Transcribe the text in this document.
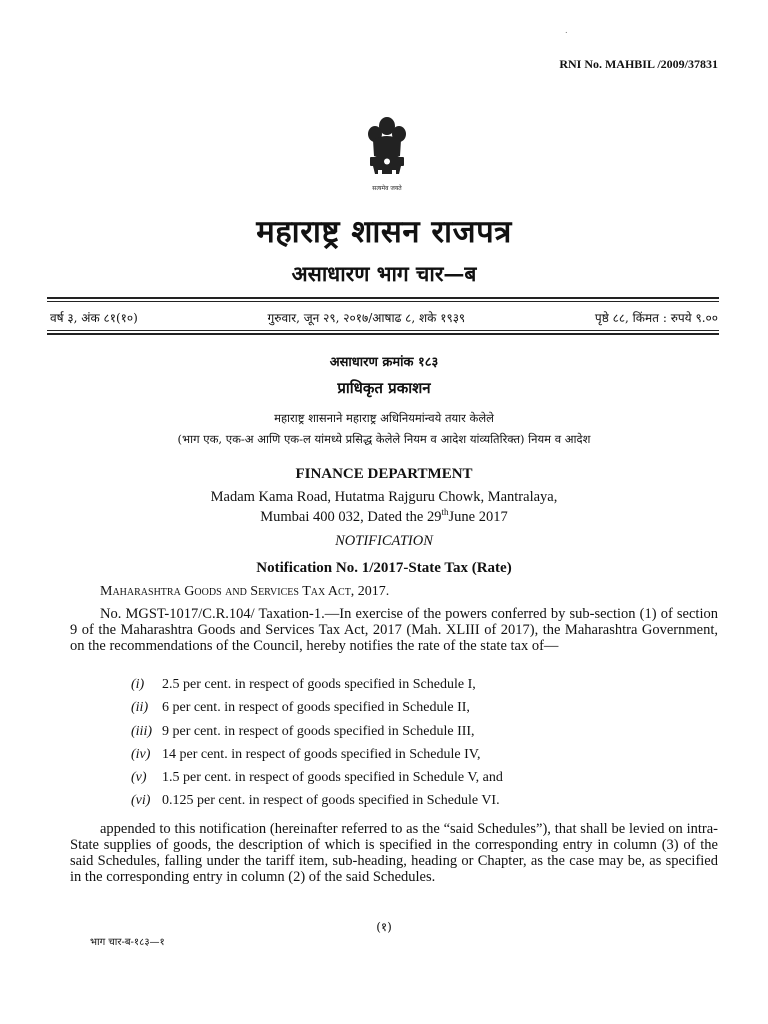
.
RNI No. MAHBIL /2009/37831
सत्यमेव जयते
महाराष्ट्र शासन राजपत्र
असाधारण भाग चार—ब
वर्ष ३, अंक ८१(१०)	गुरुवार, जून २९, २०१७/आषाढ ८, शके १९३९	पृष्ठे ८८, किंमत : रुपये ९.००
असाधारण क्रमांक १८३
प्राधिकृत प्रकाशन
महाराष्ट्र शासनाने महाराष्ट्र अधिनियमांन्वये तयार केलेले
(भाग एक, एक-अ आणि एक-ल यांमध्ये प्रसिद्ध केलेले नियम व आदेश यांव्यतिरिक्त) नियम व आदेश
FINANCE DEPARTMENT
Madam Kama Road, Hutatma Rajguru Chowk, Mantralaya,
Mumbai 400 032, Dated the 29thJune 2017
NOTIFICATION
Notification No. 1/2017-State Tax (Rate)
Maharashtra Goods and Services Tax Act, 2017.
No. MGST-1017/C.R.104/ Taxation-1.—In exercise of the powers conferred by sub-section (1) of section 9 of the Maharashtra Goods and Services Tax Act, 2017 (Mah. XLIII of 2017), the Maharashtra Government, on the recommendations of the Council, hereby notifies the rate of the state tax of—
(i)	2.5 per cent. in respect of goods specified in Schedule I,
(ii) 6 per cent. in respect of goods specified in Schedule II,
(iii) 9 per cent. in respect of goods specified in Schedule III,
(iv) 14 per cent. in respect of goods specified in Schedule IV,
(v)	1.5 per cent. in respect of goods specified in Schedule V, and
(vi) 0.125 per cent. in respect of goods specified in Schedule VI.
appended to this notification (hereinafter referred to as the “said Schedules”), that shall be levied on intra-State supplies of goods, the description of which is specified in the corresponding entry in column (3) of the said Schedules, falling under the tariff item, sub-heading, heading or Chapter, as the case may be, as specified in the corresponding entry in column (2) of the said Schedules.
(१)
भाग चार-ब-१८३—१
